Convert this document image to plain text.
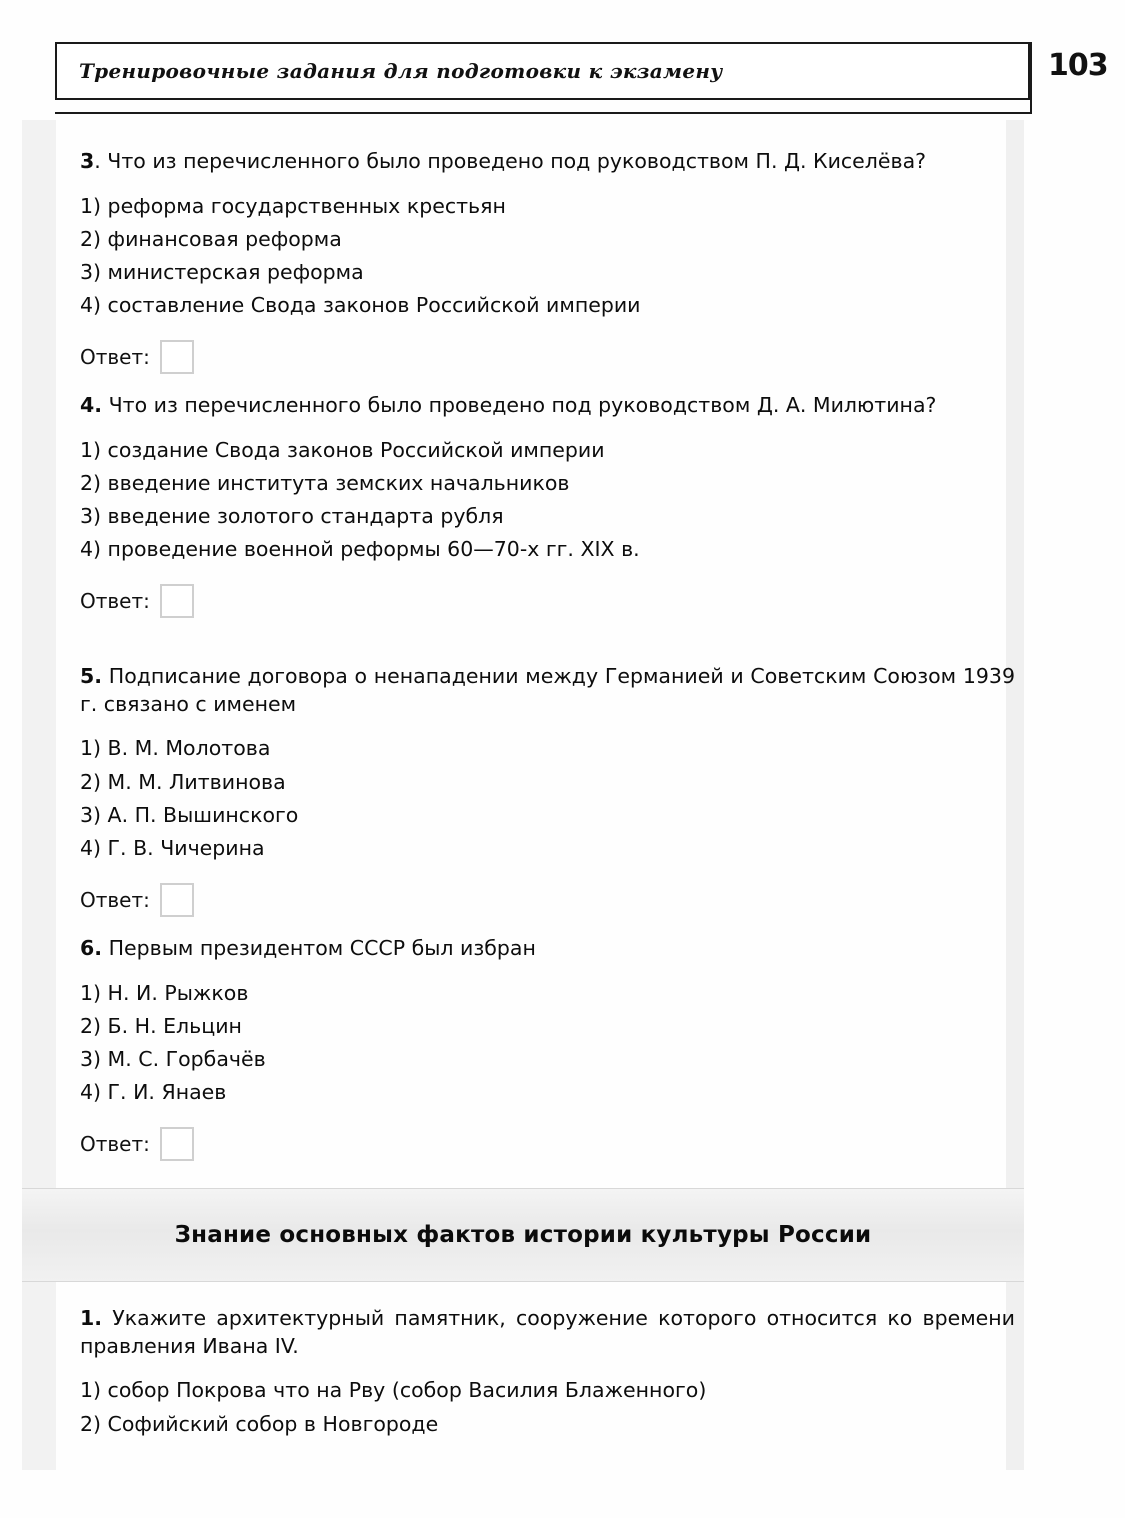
Тренировочные задания для подготовки к экзамену	103

3. Что из перечисленного было проведено под руководством П. Д. Киселёва?

1) реформа государственных крестьян

2) финансовая реформа

3) министерская реформа

4) составление Свода законов Российской империи

Ответ:

4. Что из перечисленного было проведено под руководством Д. А. Милютина?

1) создание Свода законов Российской империи

2) введение института земских начальников

3) введение золотого стандарта рубля

4) проведение военной реформы 60—70-х гг. XIX в.

Ответ:

5. Подписание договора о ненападении между Германией и Советским Союзом 1939 г. связано с именем

1) В. М. Молотова

2) М. М. Литвинова

3) А. П. Вышинского

4) Г. В. Чичерина

Ответ:

6. Первым президентом СССР был избран

1) Н. И. Рыжков

2) Б. Н. Ельцин

3) М. С. Горбачёв

4) Г. И. Янаев

Ответ:
Знание основных фактов истории культуры России

1. Укажите архитектурный памятник, сооружение которого относится ко времени правления Ивана IV.

1) собор Покрова что на Рву (собор Василия Блаженного)

2) Софийский собор в Новгороде
